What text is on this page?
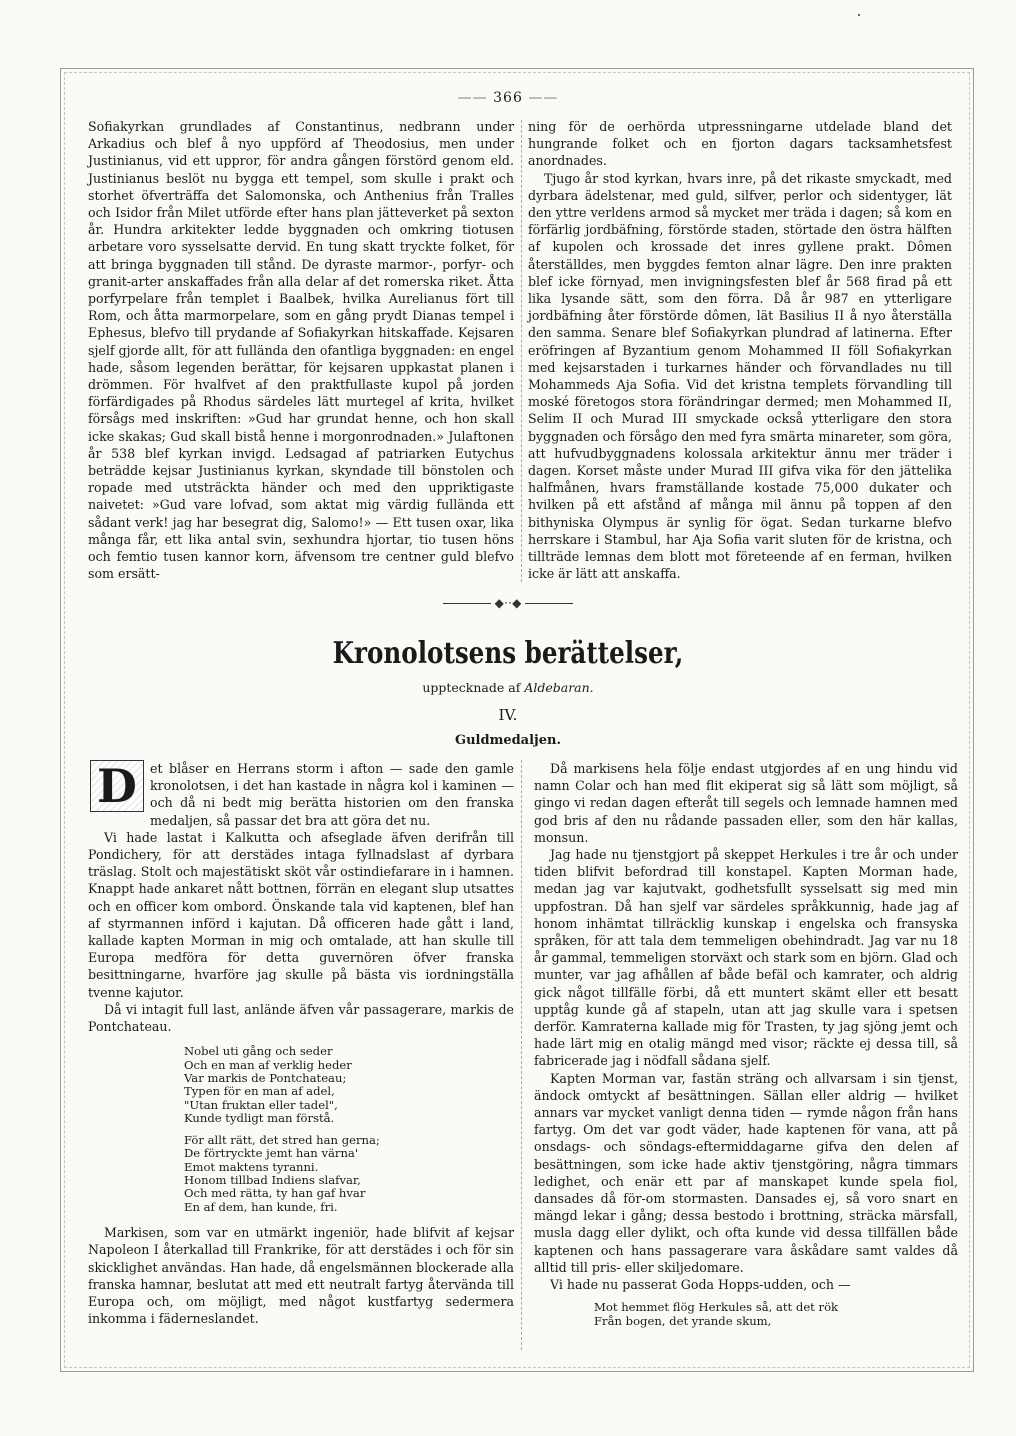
—— 366 ——

Sofiakyrkan grundlades af Constantinus, nedbrann under Arkadius och blef å nyo uppförd af Theodosius, men under Justinianus, vid ett uppror, för andra gången förstörd genom eld. Justinianus beslöt nu bygga ett tempel, som skulle i prakt och storhet öfverträffa det Salomonska, och Anthenius från Tralles och Isidor från Milet utförde efter hans plan jätteverket på sexton år. Hundra arkitekter ledde byggnaden och omkring tiotusen arbetare voro sysselsatte dervid. En tung skatt tryckte folket, för att bringa byggnaden till stånd. De dyraste marmor-, porfyr- och granit-arter anskaffades från alla delar af det romerska riket. Åtta porfyrpelare från templet i Baalbek, hvilka Aurelianus fört till Rom, och åtta marmorpelare, som en gång prydt Dianas tempel i Ephesus, blefvo till prydande af Sofiakyrkan hitskaffade. Kejsaren sjelf gjorde allt, för att fullända den ofantliga byggnaden: en engel hade, såsom legenden berättar, för kejsaren uppkastat planen i drömmen. För hvalfvet af den praktfullaste kupol på jorden förfärdigades på Rhodus särdeles lätt murtegel af krita, hvilket försågs med inskriften: »Gud har grundat henne, och hon skall icke skakas; Gud skall bistå henne i morgonrodnaden.» Julaftonen år 538 blef kyrkan invigd. Ledsagad af patriarken Eutychus beträdde kejsar Justinianus kyrkan, skyndade till bönstolen och ropade med utsträckta händer och med den uppriktigaste naivetet: »Gud vare lofvad, som aktat mig värdig fullända ett sådant verk! jag har besegrat dig, Salomo!» — Ett tusen oxar, lika många får, ett lika antal svin, sexhundra hjortar, tio tusen höns och femtio tusen kannor korn, äfvensom tre centner guld blefvo som ersätt-

ning för de oerhörda utpressningarne utdelade bland det hungrande folket och en fjorton dagars tacksamhetsfest anordnades.

Tjugo år stod kyrkan, hvars inre, på det rikaste smyckadt, med dyrbara ädelstenar, med guld, silfver, perlor och sidentyger, lät den yttre verldens armod så mycket mer träda i dagen; så kom en förfärlig jordbäfning, förstörde staden, störtade den östra hälften af kupolen och krossade det inres gyllene prakt. Dômen återställdes, men byggdes femton alnar lägre. Den inre prakten blef icke förnyad, men invigningsfesten blef år 568 firad på ett lika lysande sätt, som den förra. Då år 987 en ytterligare jordbäfning åter förstörde dômen, lät Basilius II å nyo återställa den samma. Senare blef Sofiakyrkan plundrad af latinerna. Efter eröfringen af Byzantium genom Mohammed II föll Sofiakyrkan med kejsarstaden i turkarnes händer och förvandlades nu till Mohammeds Aja Sofia. Vid det kristna templets förvandling till moské företogos stora förändringar dermed; men Mohammed II, Selim II och Murad III smyckade också ytterligare den stora byggnaden och försågo den med fyra smärta minareter, som göra, att hufvudbyggnadens kolossala arkitektur ännu mer träder i dagen. Korset måste under Murad III gifva vika för den jättelika halfmånen, hvars framställande kostade 75,000 dukater och hvilken på ett afstånd af många mil ännu på toppen af den bithyniska Olympus är synlig för ögat. Sedan turkarne blefvo herrskare i Stambul, har Aja Sofia varit sluten för de kristna, och tillträde lemnas dem blott mot företeende af en ferman, hvilken icke är lätt att anskaffa.

◆⋅⋅◆
Kronolotsens berättelser,
upptecknade af Aldebaran.
IV.
Guldmedaljen.

D	et blåser en Herrans storm i afton — sade den gamle kronolotsen, i det han kastade in några kol i kaminen — och då ni bedt mig berätta historien om den franska medaljen, så passar det bra att göra det nu.

Vi hade lastat i Kalkutta och afseglade äfven derifrån till Pondichery, för att derstädes intaga fyllnadslast af dyrbara träslag. Stolt och majestätiskt sköt vår ostindiefarare in i hamnen. Knappt hade ankaret nått bottnen, förrän en elegant slup utsattes och en officer kom ombord. Önskande tala vid kaptenen, blef han af styrmannen införd i kajutan. Då officeren hade gått i land, kallade kapten Morman in mig och omtalade, att han skulle till Europa medföra för detta guvernören öfver franska besittningarne, hvarföre jag skulle på bästa vis iordningställa tvenne kajutor.

Då vi intagit full last, anlände äfven vår passagerare, markis de Pontchateau.

Nobel uti gång och seder
Och en man af verklig heder
Var markis de Pontchateau;
Typen för en man af adel,
"Utan fruktan eller tadel",
Kunde tydligt man förstå.
För allt rätt, det stred han gerna;
De förtryckte jemt han värna'
Emot maktens tyranni.
Honom tillbad Indiens slafvar,
Och med rätta, ty han gaf hvar
En af dem, han kunde, fri.

Markisen, som var en utmärkt ingeniör, hade blifvit af kejsar Napoleon I återkallad till Frankrike, för att derstädes i och för sin skicklighet användas. Han hade, då engelsmännen blockerade alla franska hamnar, beslutat att med ett neutralt fartyg återvända till Europa och, om möjligt, med något kustfartyg sedermera inkomma i fäderneslandet.

Då markisens hela följe endast utgjordes af en ung hindu vid namn Colar och han med flit ekiperat sig så lätt som möjligt, så gingo vi redan dagen efteråt till segels och lemnade hamnen med god bris af den nu rådande passaden eller, som den här kallas, monsun.

Jag hade nu tjenstgjort på skeppet Herkules i tre år och under tiden blifvit befordrad till konstapel. Kapten Morman hade, medan jag var kajutvakt, godhetsfullt sysselsatt sig med min uppfostran. Då han sjelf var särdeles språkkunnig, hade jag af honom inhämtat tillräcklig kunskap i engelska och fransyska språken, för att tala dem temmeligen obehindradt. Jag var nu 18 år gammal, temmeligen storväxt och stark som en björn. Glad och munter, var jag afhållen af både befäl och kamrater, och aldrig gick något tillfälle förbi, då ett muntert skämt eller ett besatt upptåg kunde gå af stapeln, utan att jag skulle vara i spetsen derför. Kamraterna kallade mig för Trasten, ty jag sjöng jemt och hade lärt mig en otalig mängd med visor; räckte ej dessa till, så fabricerade jag i nödfall sådana sjelf.

Kapten Morman var, fastän sträng och allvarsam i sin tjenst, ändock omtyckt af besättningen. Sällan eller aldrig — hvilket annars var mycket vanligt denna tiden — rymde någon från hans fartyg. Om det var godt väder, hade kaptenen för vana, att på onsdags- och söndags-eftermiddagarne gifva den delen af besättningen, som icke hade aktiv tjenstgöring, några timmars ledighet, och enär ett par af manskapet kunde spela fiol, dansades då för-om stormasten. Dansades ej, så voro snart en mängd lekar i gång; dessa bestodo i brottning, sträcka märsfall, musla dagg eller dylikt, och ofta kunde vid dessa tillfällen både kaptenen och hans passagerare vara åskådare samt valdes då alltid till pris- eller skiljedomare.

Vi hade nu passerat Goda Hopps-udden, och —

Mot hemmet flög Herkules så, att det rök
Från bogen, det yrande skum,
